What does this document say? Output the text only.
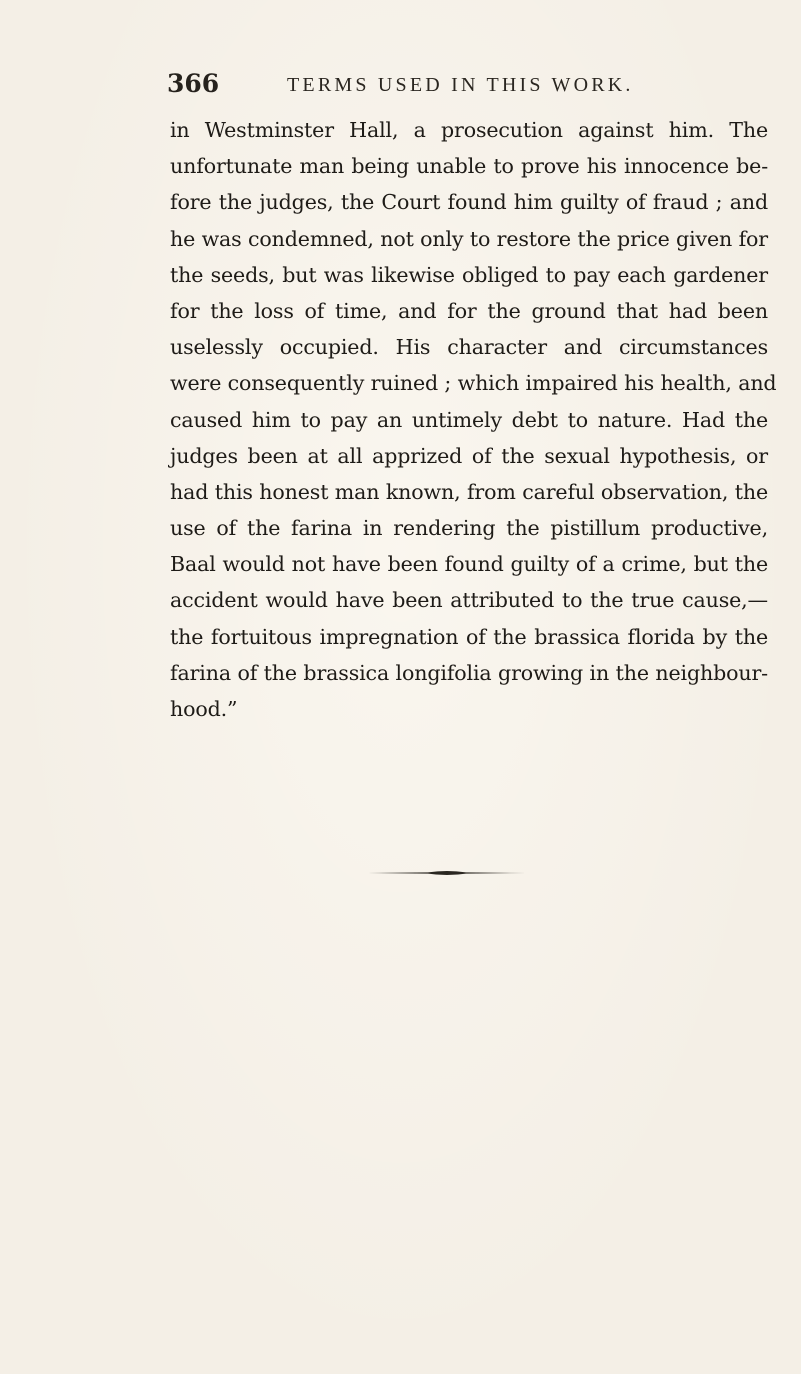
366	TERMS USED IN THIS WORK.
in Westminster Hall, a prosecution against him. The
unfortunate man being unable to prove his innocence be-
fore the judges, the Court found him guilty of fraud ; and
he was condemned, not only to restore the price given for
the seeds, but was likewise obliged to pay each gardener
for the loss of time, and for the ground that had been
uselessly occupied. His character and circumstances
were consequently ruined ; which impaired his health, and
caused him to pay an untimely debt to nature. Had the
judges been at all apprized of the sexual hypothesis, or
had this honest man known, from careful observation, the
use of the farina in rendering the pistillum productive,
Baal would not have been found guilty of a crime, but the
accident would have been attributed to the true cause,—
the fortuitous impregnation of the brassica florida by the
farina of the brassica longifolia growing in the neighbour-
hood.”
